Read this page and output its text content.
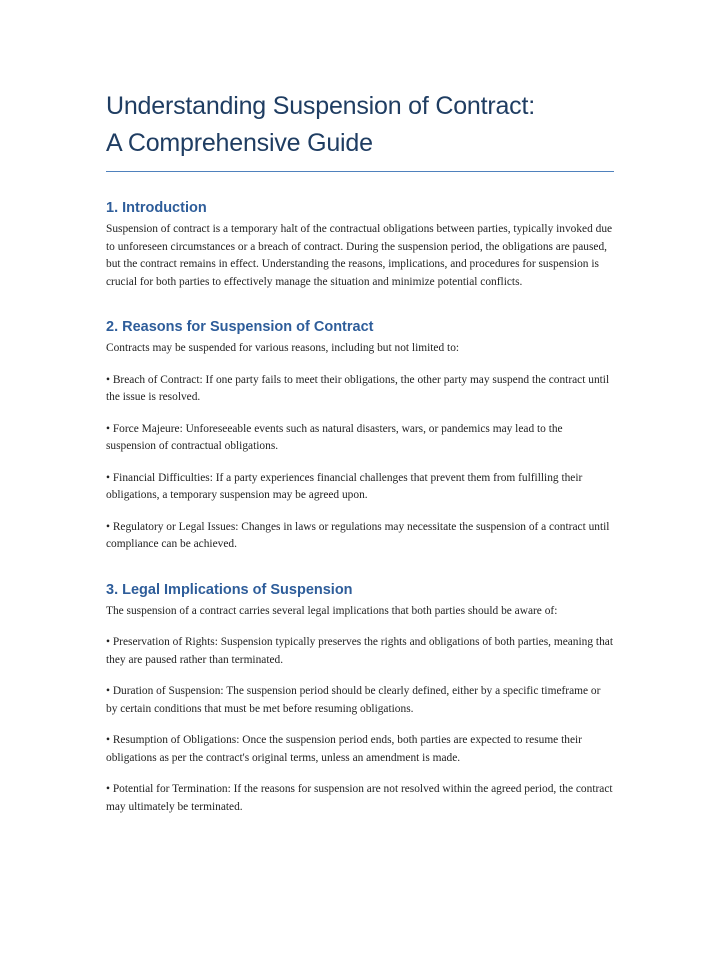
Understanding Suspension of Contract:
A Comprehensive Guide
1. Introduction

Suspension of contract is a temporary halt of the contractual obligations between parties, typically invoked due to unforeseen circumstances or a breach of contract. During the suspension period, the obligations are paused, but the contract remains in effect. Understanding the reasons, implications, and procedures for suspension is crucial for both parties to effectively manage the situation and minimize potential conflicts.

2. Reasons for Suspension of Contract

Contracts may be suspended for various reasons, including but not limited to:

• Breach of Contract: If one party fails to meet their obligations, the other party may suspend the contract until the issue is resolved.

• Force Majeure: Unforeseeable events such as natural disasters, wars, or pandemics may lead to the suspension of contractual obligations.

• Financial Difficulties: If a party experiences financial challenges that prevent them from fulfilling their obligations, a temporary suspension may be agreed upon.

• Regulatory or Legal Issues: Changes in laws or regulations may necessitate the suspension of a contract until compliance can be achieved.

3. Legal Implications of Suspension

The suspension of a contract carries several legal implications that both parties should be aware of:

• Preservation of Rights: Suspension typically preserves the rights and obligations of both parties, meaning that they are paused rather than terminated.

• Duration of Suspension: The suspension period should be clearly defined, either by a specific timeframe or by certain conditions that must be met before resuming obligations.

• Resumption of Obligations: Once the suspension period ends, both parties are expected to resume their obligations as per the contract's original terms, unless an amendment is made.

• Potential for Termination: If the reasons for suspension are not resolved within the agreed period, the contract may ultimately be terminated.
